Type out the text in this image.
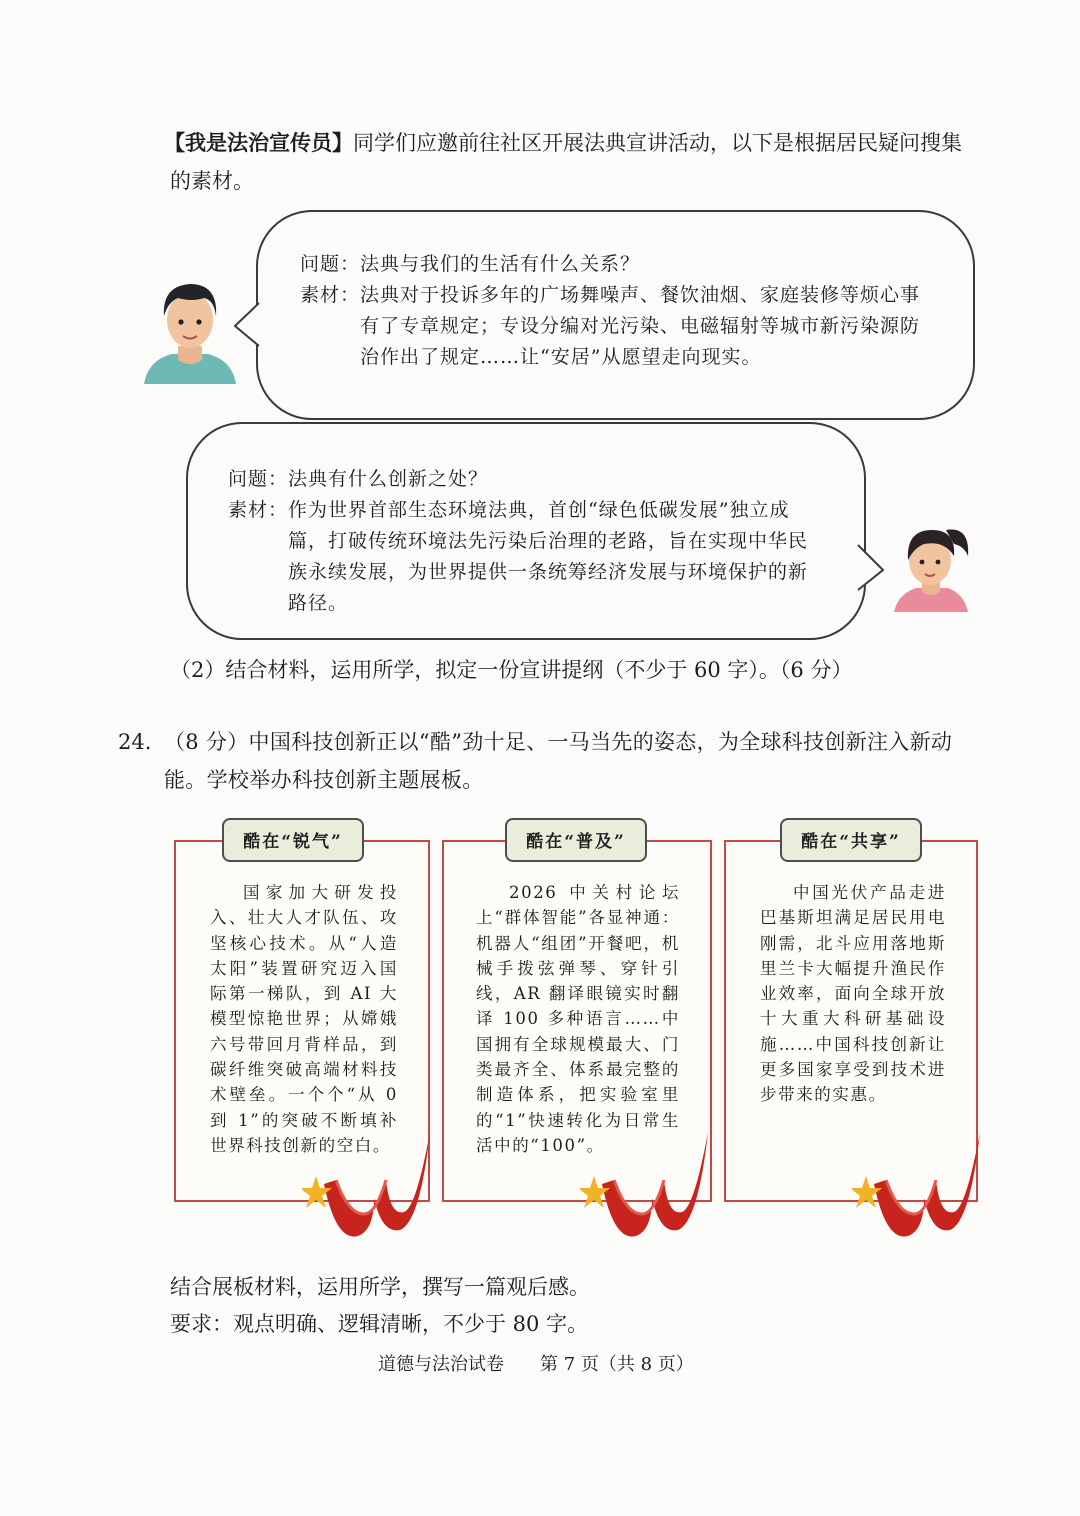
【我是法治宣传员】同学们应邀前往社区开展法典宣讲活动，以下是根据居民疑问搜集的素材。
问题： 法典与我们的生活有什么关系？
素材： 法典对于投诉多年的广场舞噪声、餐饮油烟、家庭装修等烦心事有了专章规定；专设分编对光污染、电磁辐射等城市新污染源防治作出了规定……让“安居”从愿望走向现实。
问题： 法典有什么创新之处？
素材： 作为世界首部生态环境法典，首创“绿色低碳发展”独立成篇，打破传统环境法先污染后治理的老路，旨在实现中华民族永续发展，为世界提供一条统筹经济发展与环境保护的新路径。
（2）结合材料，运用所学，拟定一份宣讲提纲（不少于 60 字）。（6 分）
24. （8 分）中国科技创新正以“酷”劲十足、一马当先的姿态，为全球科技创新注入新动能。学校举办科技创新主题展板。
国家加大研发投入、壮大人才队伍、攻坚核心技术。从“人造太阳”装置研究迈入国际第一梯队，到 AI 大模型惊艳世界；从嫦娥六号带回月背样品，到碳纤维突破高端材料技术壁垒。一个个“从 0 到 1”的突破不断填补世界科技创新的空白。
酷在“锐气”
2026 中关村论坛上“群体智能”各显神通：机器人“组团”开餐吧，机械手拨弦弹琴、穿针引线，AR 翻译眼镜实时翻译 100 多种语言……中国拥有全球规模最大、门类最齐全、体系最完整的制造体系，把实验室里的“1”快速转化为日常生活中的“100”。
酷在“普及”
中国光伏产品走进巴基斯坦满足居民用电刚需，北斗应用落地斯里兰卡大幅提升渔民作业效率，面向全球开放十大重大科研基础设施……中国科技创新让更多国家享受到技术进步带来的实惠。
酷在“共享”
结合展板材料，运用所学，撰写一篇观后感。
要求：观点明确、逻辑清晰，不少于 80 字。
道德与法治试卷 第 7 页（共 8 页）
